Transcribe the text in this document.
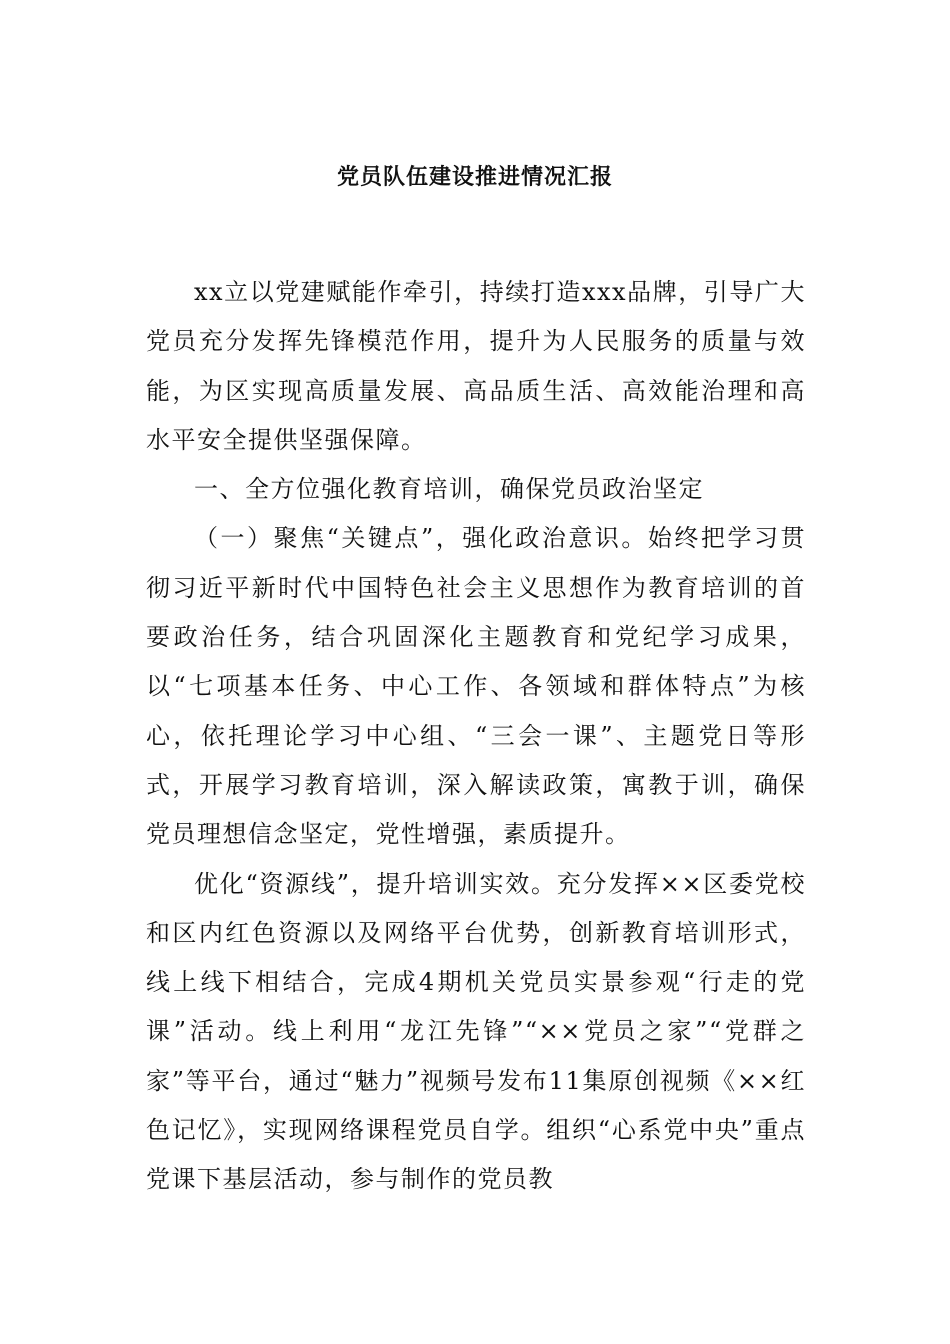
党员队伍建设推进情况汇报

xx立以党建赋能作牵引，持续打造xxx品牌，引导广大党员充分发挥先锋模范作用，提升为人民服务的质量与效能，为区实现高质量发展、高品质生活、高效能治理和高水平安全提供坚强保障。

一、全方位强化教育培训，确保党员政治坚定

（一）聚焦“关键点”，强化政治意识。始终把学习贯彻习近平新时代中国特色社会主义思想作为教育培训的首要政治任务，结合巩固深化主题教育和党纪学习成果，以“七项基本任务、中心工作、各领域和群体特点”为核心，依托理论学习中心组、“三会一课”、主题党日等形式，开展学习教育培训，深入解读政策，寓教于训，确保党员理想信念坚定，党性增强，素质提升。

优化“资源线”，提升培训实效。充分发挥××区委党校和区内红色资源以及网络平台优势，创新教育培训形式，线上线下相结合，完成4期机关党员实景参观“行走的党课”活动。线上利用“龙江先锋”“××党员之家”“党群之家”等平台，通过“魅力”视频号发布11集原创视频《××红色记忆》，实现网络课程党员自学。组织“心系党中央”重点党课下基层活动，参与制作的党员教
